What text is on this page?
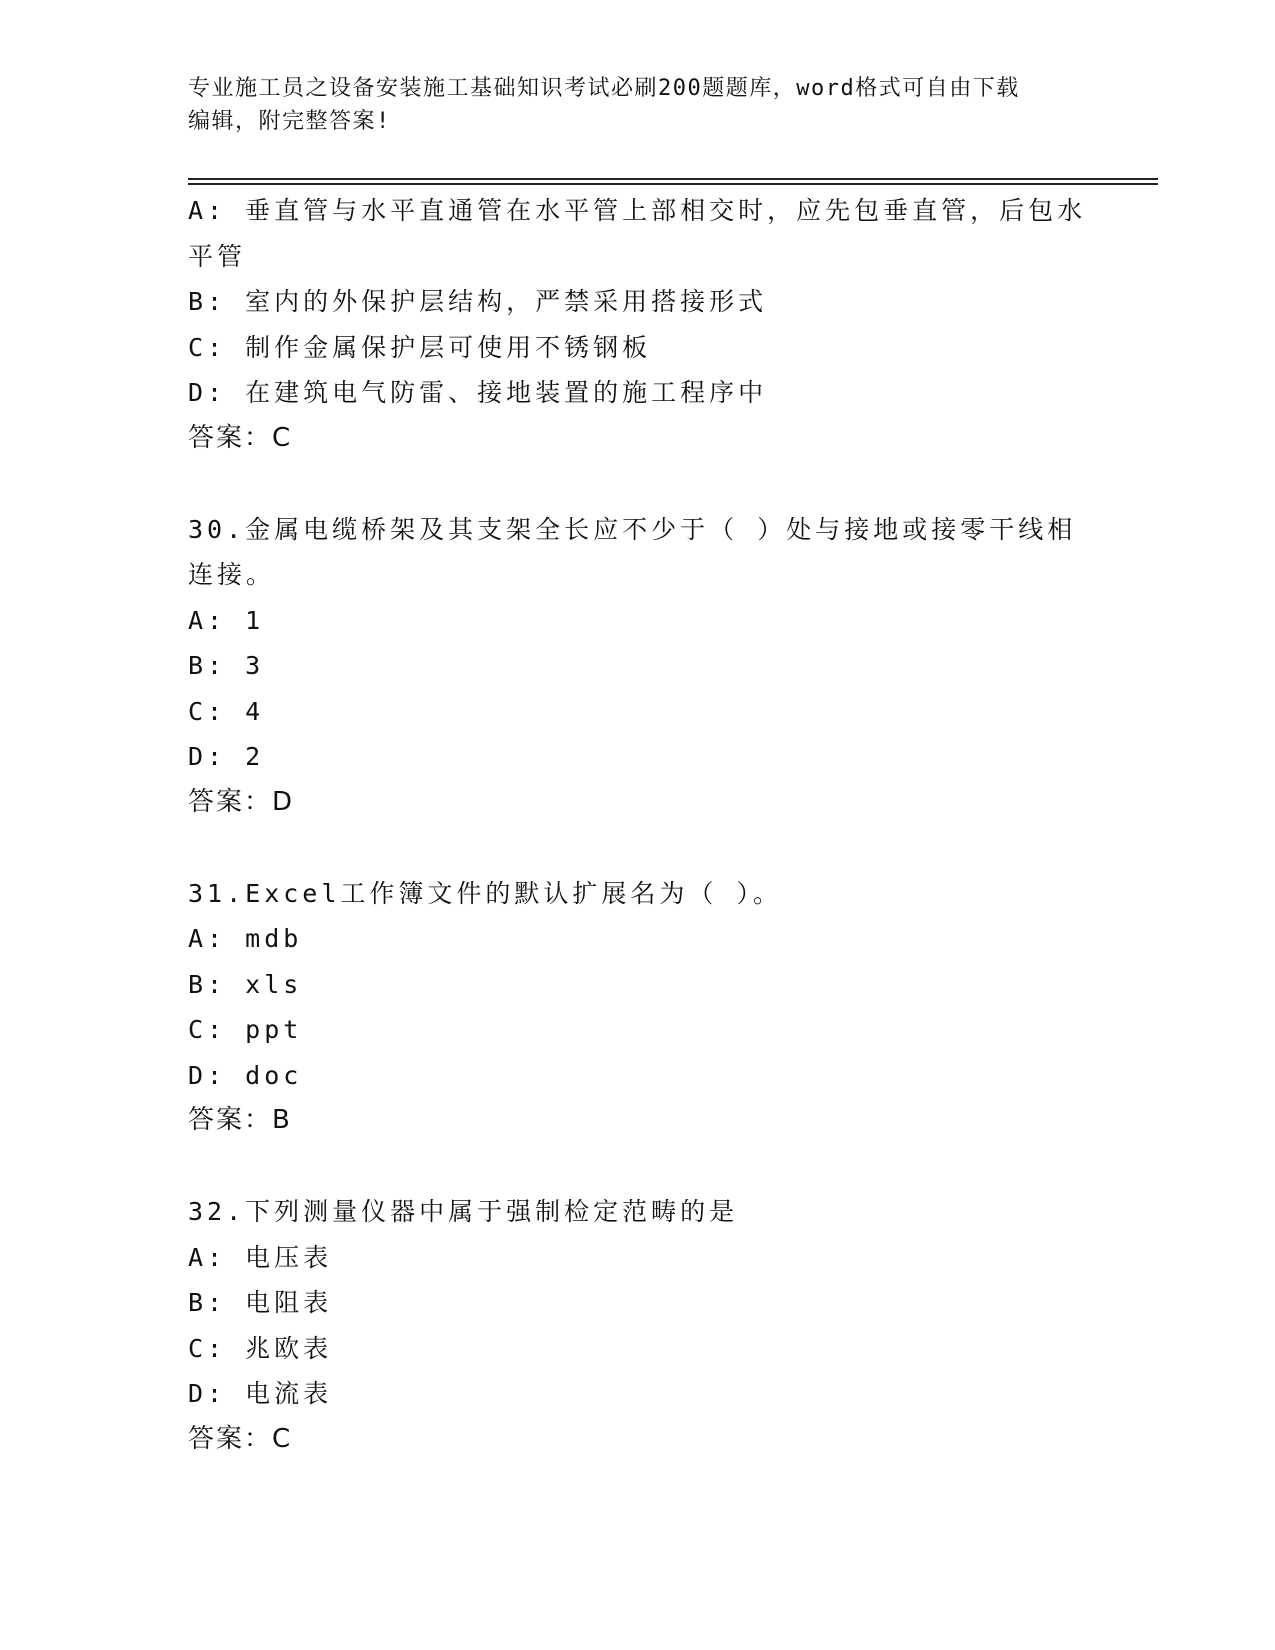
专业施工员之设备安装施工基础知识考试必刷200题题库，word格式可自由下载
编辑，附完整答案!
A: 垂直管与水平直通管在水平管上部相交时，应先包垂直管，后包水
平管
B: 室内的外保护层结构，严禁采用搭接形式
C: 制作金属保护层可使用不锈钢板
D: 在建筑电气防雷、接地装置的施工程序中
答案：C
30.金属电缆桥架及其支架全长应不少于（ ）处与接地或接零干线相
连接。
A: 1
B: 3
C: 4
D: 2
答案：D
31.Excel工作簿文件的默认扩展名为（ ）。
A: mdb
B: xls
C: ppt
D: doc
答案：B
32.下列测量仪器中属于强制检定范畴的是
A: 电压表
B: 电阻表
C: 兆欧表
D: 电流表
答案：C
